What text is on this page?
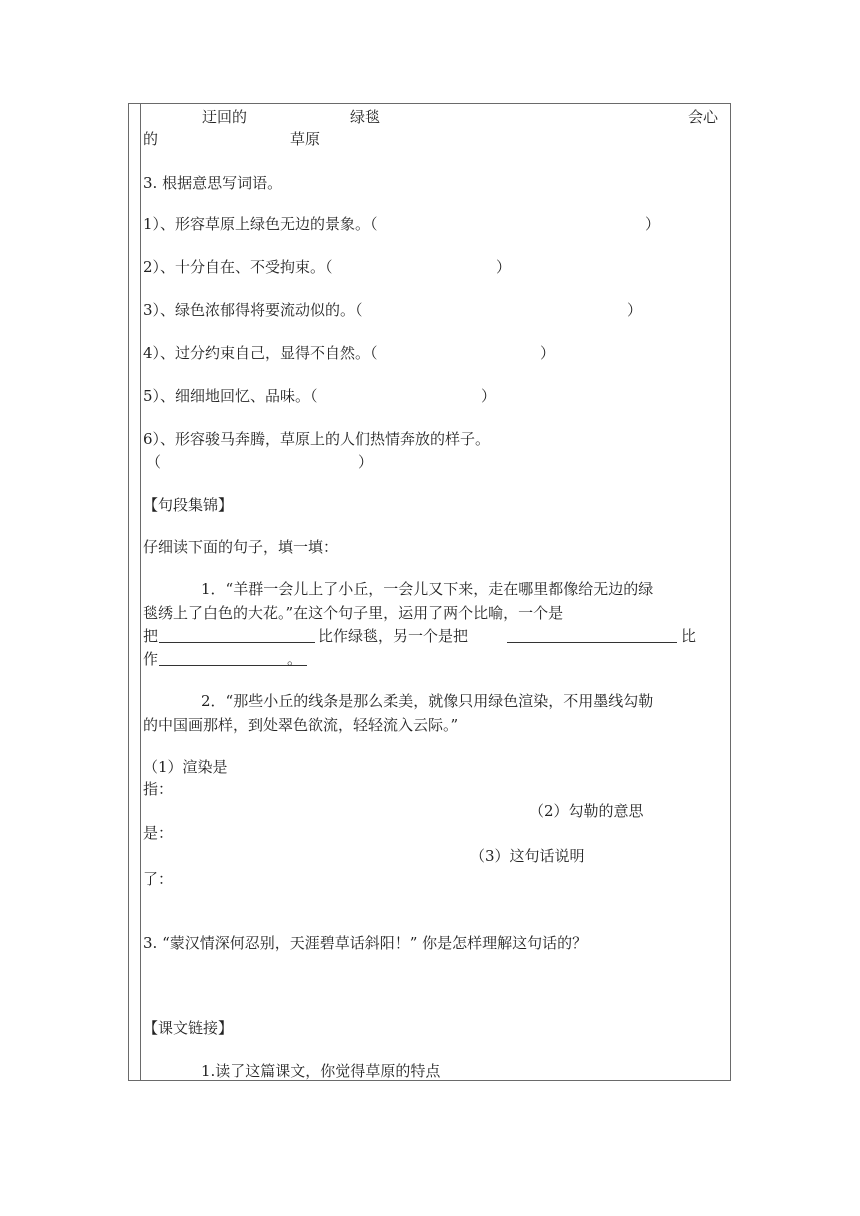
迂回的	绿毯	会心
的	草原
3. 根据意思写词语。
1）、形容草原上绿色无边的景象。（	）
2）、十分自在、不受拘束。（	）
3）、绿色浓郁得将要流动似的。（	）
4）、过分约束自己，显得不自然。（	）
5）、细细地回忆、品味。（	）
6）、形容骏马奔腾，草原上的人们热情奔放的样子。
（	）
【句段集锦】
仔细读下面的句子，填一填：
1．“羊群一会儿上了小丘，一会儿又下来，走在哪里都像给无边的绿
毯绣上了白色的大花。”在这个句子里，运用了两个比喻，一个是
把	比作绿毯，另一个是把	比
作	。
2．“那些小丘的线条是那么柔美，就像只用绿色渲染，不用墨线勾勒
的中国画那样，到处翠色欲流，轻轻流入云际。”
（1）渲染是
指：
（2）勾勒的意思
是：
（3）这句话说明
了：
3. “蒙汉情深何忍别，天涯碧草话斜阳！” 你是怎样理解这句话的？
【课文链接】
1.读了这篇课文，你觉得草原的特点
